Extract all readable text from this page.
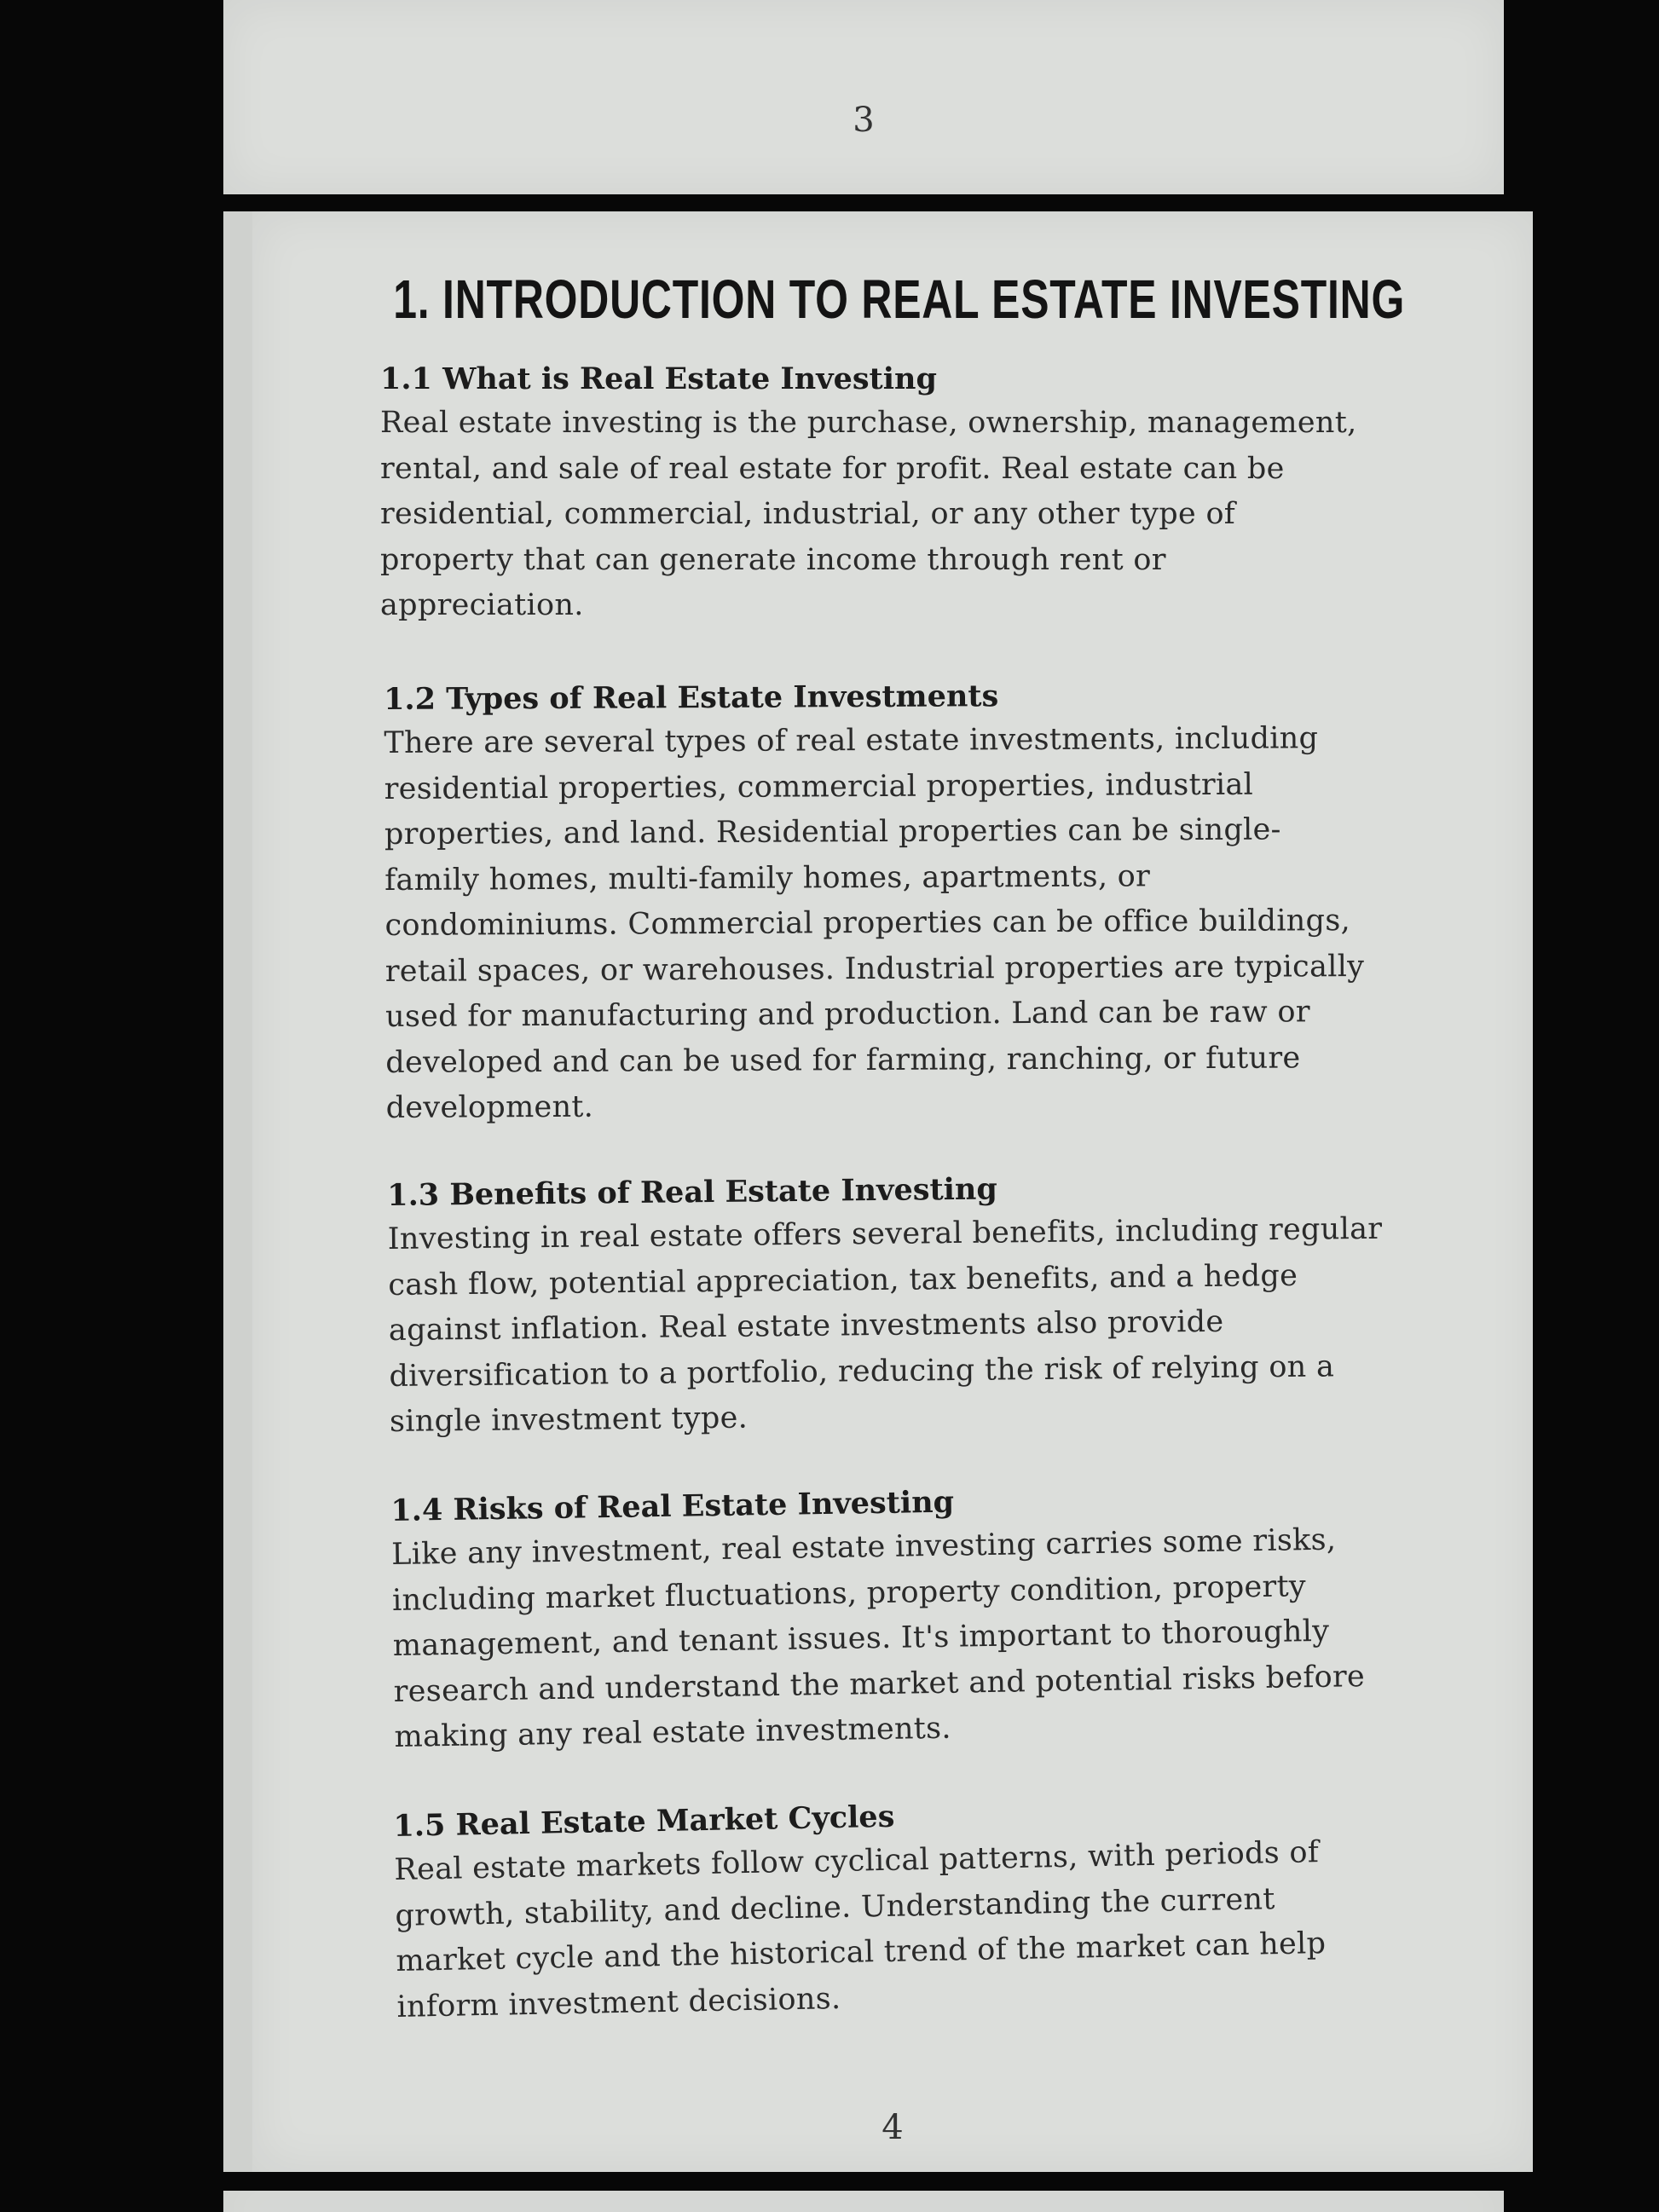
3
1. INTRODUCTION TO REAL ESTATE INVESTING

1.1 What is Real Estate Investing

Real estate investing is the purchase, ownership, management,
rental, and sale of real estate for profit. Real estate can be
residential, commercial, industrial, or any other type of
property that can generate income through rent or
appreciation.

1.2 Types of Real Estate Investments

There are several types of real estate investments, including
residential properties, commercial properties, industrial
properties, and land. Residential properties can be single-
family homes, multi-family homes, apartments, or
condominiums. Commercial properties can be office buildings,
retail spaces, or warehouses. Industrial properties are typically
used for manufacturing and production. Land can be raw or
developed and can be used for farming, ranching, or future
development.

1.3 Benefits of Real Estate Investing

Investing in real estate offers several benefits, including regular
cash flow, potential appreciation, tax benefits, and a hedge
against inflation. Real estate investments also provide
diversification to a portfolio, reducing the risk of relying on a
single investment type.

1.4 Risks of Real Estate Investing

Like any investment, real estate investing carries some risks,
including market fluctuations, property condition, property
management, and tenant issues. It's important to thoroughly
research and understand the market and potential risks before
making any real estate investments.

1.5 Real Estate Market Cycles

Real estate markets follow cyclical patterns, with periods of
growth, stability, and decline. Understanding the current
market cycle and the historical trend of the market can help
inform investment decisions.

4
